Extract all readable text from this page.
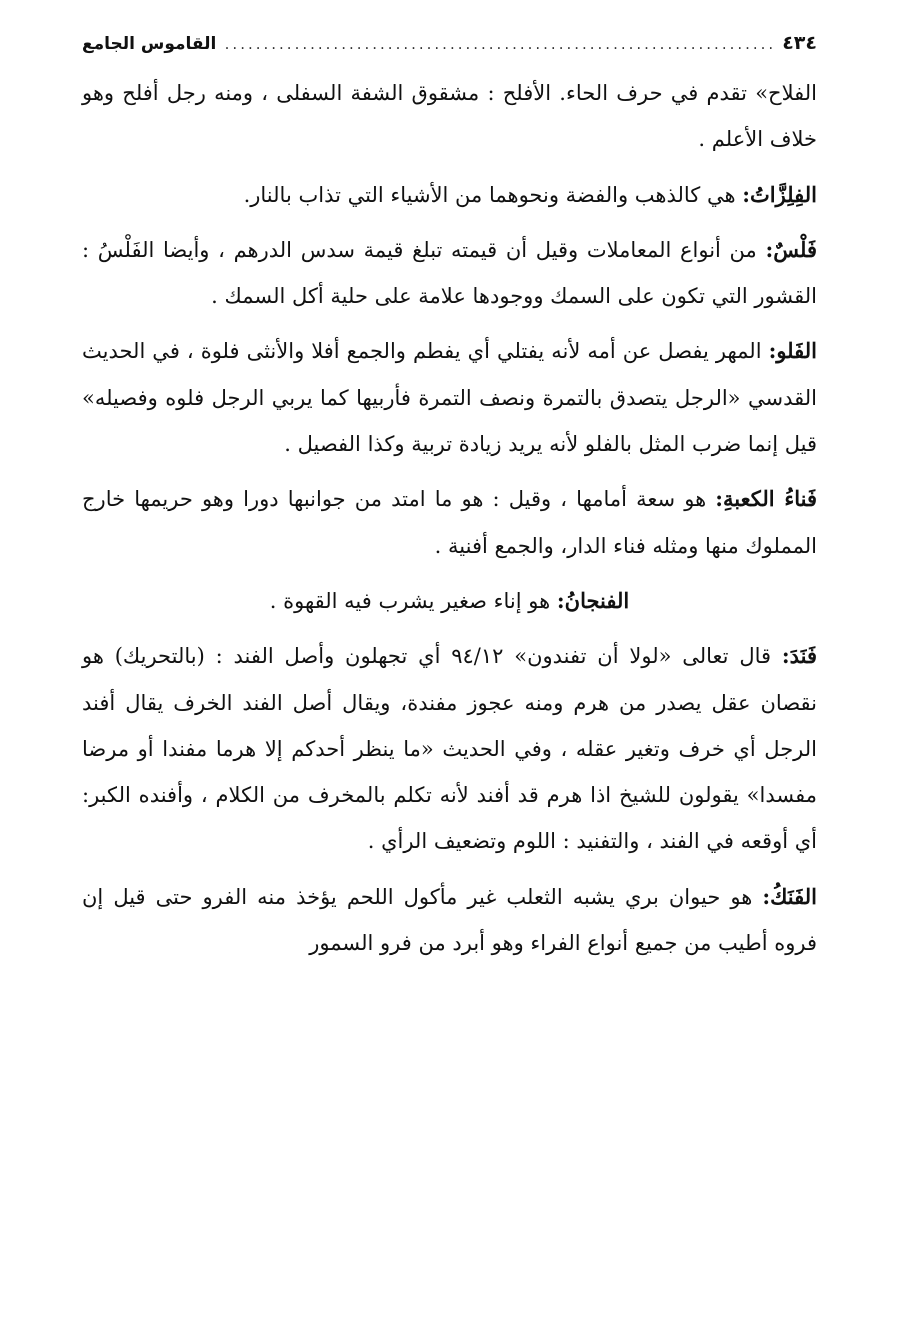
٤٣٤
.....
القاموس الجامع

الفلاح» تقدم في حرف الحاء. الأفلح : مشقوق الشفة السفلى ، ومنه رجل أفلح وهو خلاف الأعلم .

الفِلِزَّاتُ: هي كالذهب والفضة ونحوهما من الأشياء التي تذاب بالنار.

فَلْسٌ: من أنواع المعاملات وقيل أن قيمته تبلغ قيمة سدس الدرهم ، وأيضا الفَلْسُ : القشور التي تكون على السمك ووجودها علامة على حلية أكل السمك .

الفَلو: المهر يفصل عن أمه لأنه يفتلي أي يفطم والجمع أفلا والأنثى فلوة ، في الحديث القدسي «الرجل يتصدق بالتمرة ونصف التمرة فأربيها كما يربي الرجل فلوه وفصيله» قيل إنما ضرب المثل بالفلو لأنه يريد زيادة تربية وكذا الفصيل .

فَناءُ الكعبةِ: هو سعة أمامها ، وقيل : هو ما امتد من جوانبها دورا وهو حريمها خارج المملوك منها ومثله فناء الدار، والجمع أفنية .

الفنجانُ: هو إناء صغير يشرب فيه القهوة .

فَنَدَ: قال تعالى «لولا أن تفندون» ٩٤/١٢ أي تجهلون وأصل الفند : (بالتحريك) هو نقصان عقل يصدر من هرم ومنه عجوز مفندة، ويقال أصل الفند الخرف يقال أفند الرجل أي خرف وتغير عقله ، وفي الحديث «ما ينظر أحدكم إلا هرما مفندا أو مرضا مفسدا» يقولون للشيخ اذا هرم قد أفند لأنه تكلم بالمخرف من الكلام ، وأفنده الكبر: أي أوقعه في الفند ، والتفنيد : اللوم وتضعيف الرأي .

الفَنَكُ: هو حيوان بري يشبه الثعلب غير مأكول اللحم يؤخذ منه الفرو حتى قيل إن فروه أطيب من جميع أنواع الفراء وهو أبرد من فرو السمور
